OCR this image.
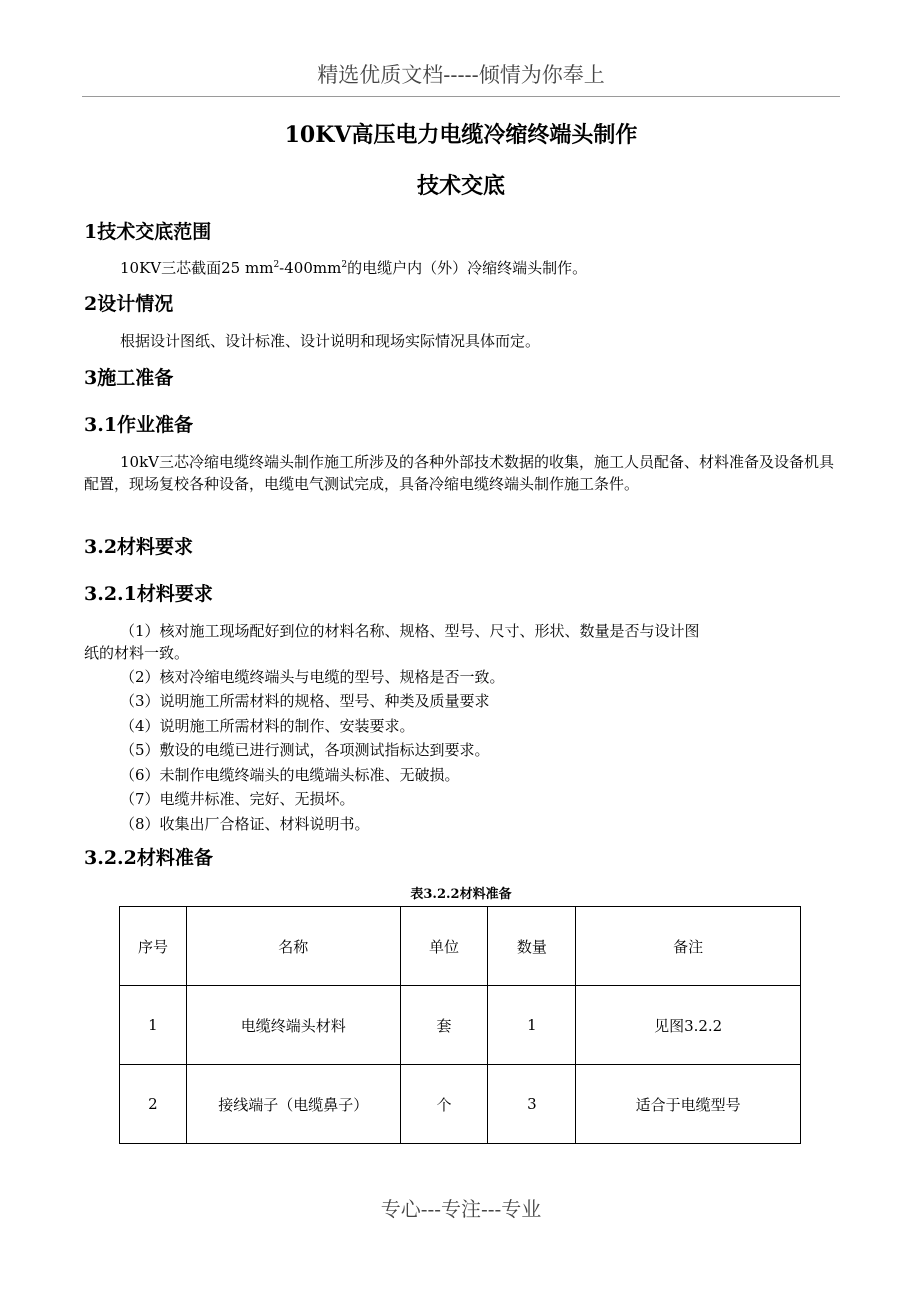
精选优质文档-----倾情为你奉上
10KV高压电力电缆冷缩终端头制作
技术交底
1技术交底范围
10KV三芯截面25 $mm^2-400mm^2$的电缆户内（外）冷缩终端头制作。
2设计情况
根据设计图纸、设计标准、设计说明和现场实际情况具体而定。
3施工准备
3.1作业准备
10kV三芯冷缩电缆终端头制作施工所涉及的各种外部技术数据的收集，施工人员配备、材料准备及设备机具配置，现场复校各种设备，电缆电气测试完成，具备冷缩电缆终端头制作施工条件。
3.2材料要求
3.2.1材料要求
（1）核对施工现场配好到位的材料名称、规格、型号、尺寸、形状、数量是否与设计图
纸的材料一致。
（2）核对冷缩电缆终端头与电缆的型号、规格是否一致。
（3）说明施工所需材料的规格、型号、种类及质量要求
（4）说明施工所需材料的制作、安装要求。
（5）敷设的电缆已进行测试，各项测试指标达到要求。
（6）未制作电缆终端头的电缆端头标准、无破损。
（7）电缆井标准、完好、无损坏。
（8）收集出厂合格证、材料说明书。
3.2.2材料准备
表3.2.2材料准备
序号	名称	单位	数量	备注
1	电缆终端头材料	套	1	见图3.2.2
2	接线端子（电缆鼻子）	个	3	适合于电缆型号
专心---专注---专业
